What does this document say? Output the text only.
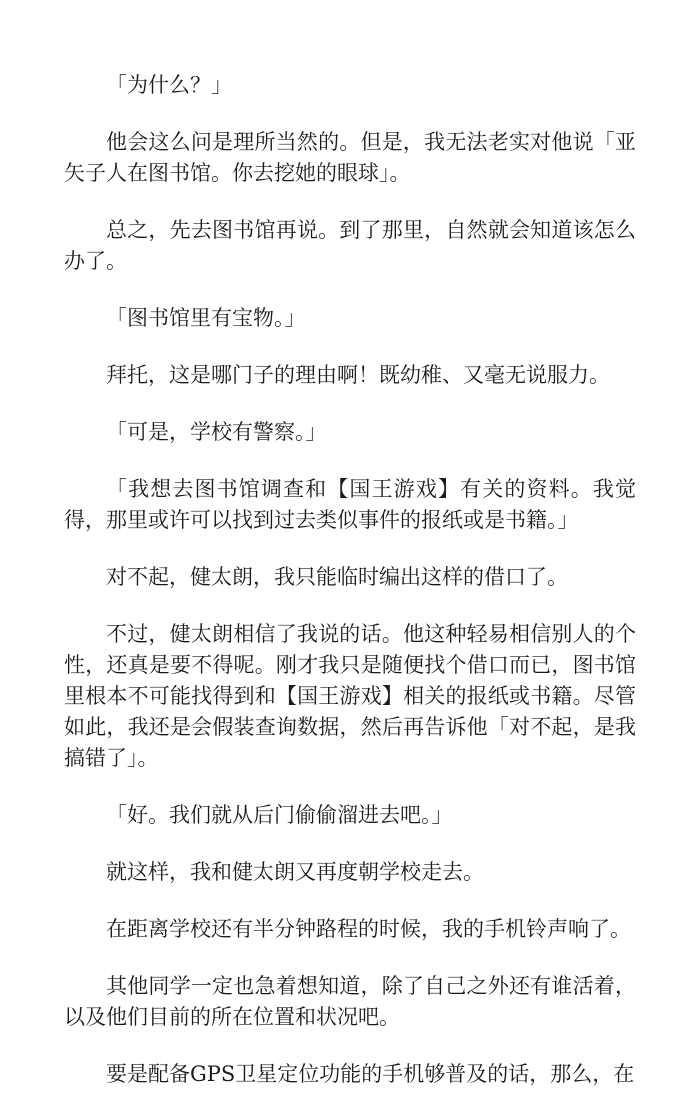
「为什么？」

他会这么问是理所当然的。但是，我无法老实对他说「亚矢子人在图书馆。你去挖她的眼球」。

总之，先去图书馆再说。到了那里，自然就会知道该怎么办了。

「图书馆里有宝物。」

拜托，这是哪门子的理由啊！既幼稚、又毫无说服力。

「可是，学校有警察。」

「我想去图书馆调查和【国王游戏】有关的资料。我觉得，那里或许可以找到过去类似事件的报纸或是书籍。」

对不起，健太朗，我只能临时编出这样的借口了。

不过，健太朗相信了我说的话。他这种轻易相信别人的个性，还真是要不得呢。刚才我只是随便找个借口而已，图书馆里根本不可能找得到和【国王游戏】相关的报纸或书籍。尽管如此，我还是会假装查询数据，然后再告诉他「对不起，是我搞错了」。

「好。我们就从后门偷偷溜进去吧。」

就这样，我和健太朗又再度朝学校走去。

在距离学校还有半分钟路程的时候，我的手机铃声响了。

其他同学一定也急着想知道，除了自己之外还有谁活着，以及他们目前的所在位置和状况吧。

要是配备GPS卫星定位功能的手机够普及的话，那么，在
